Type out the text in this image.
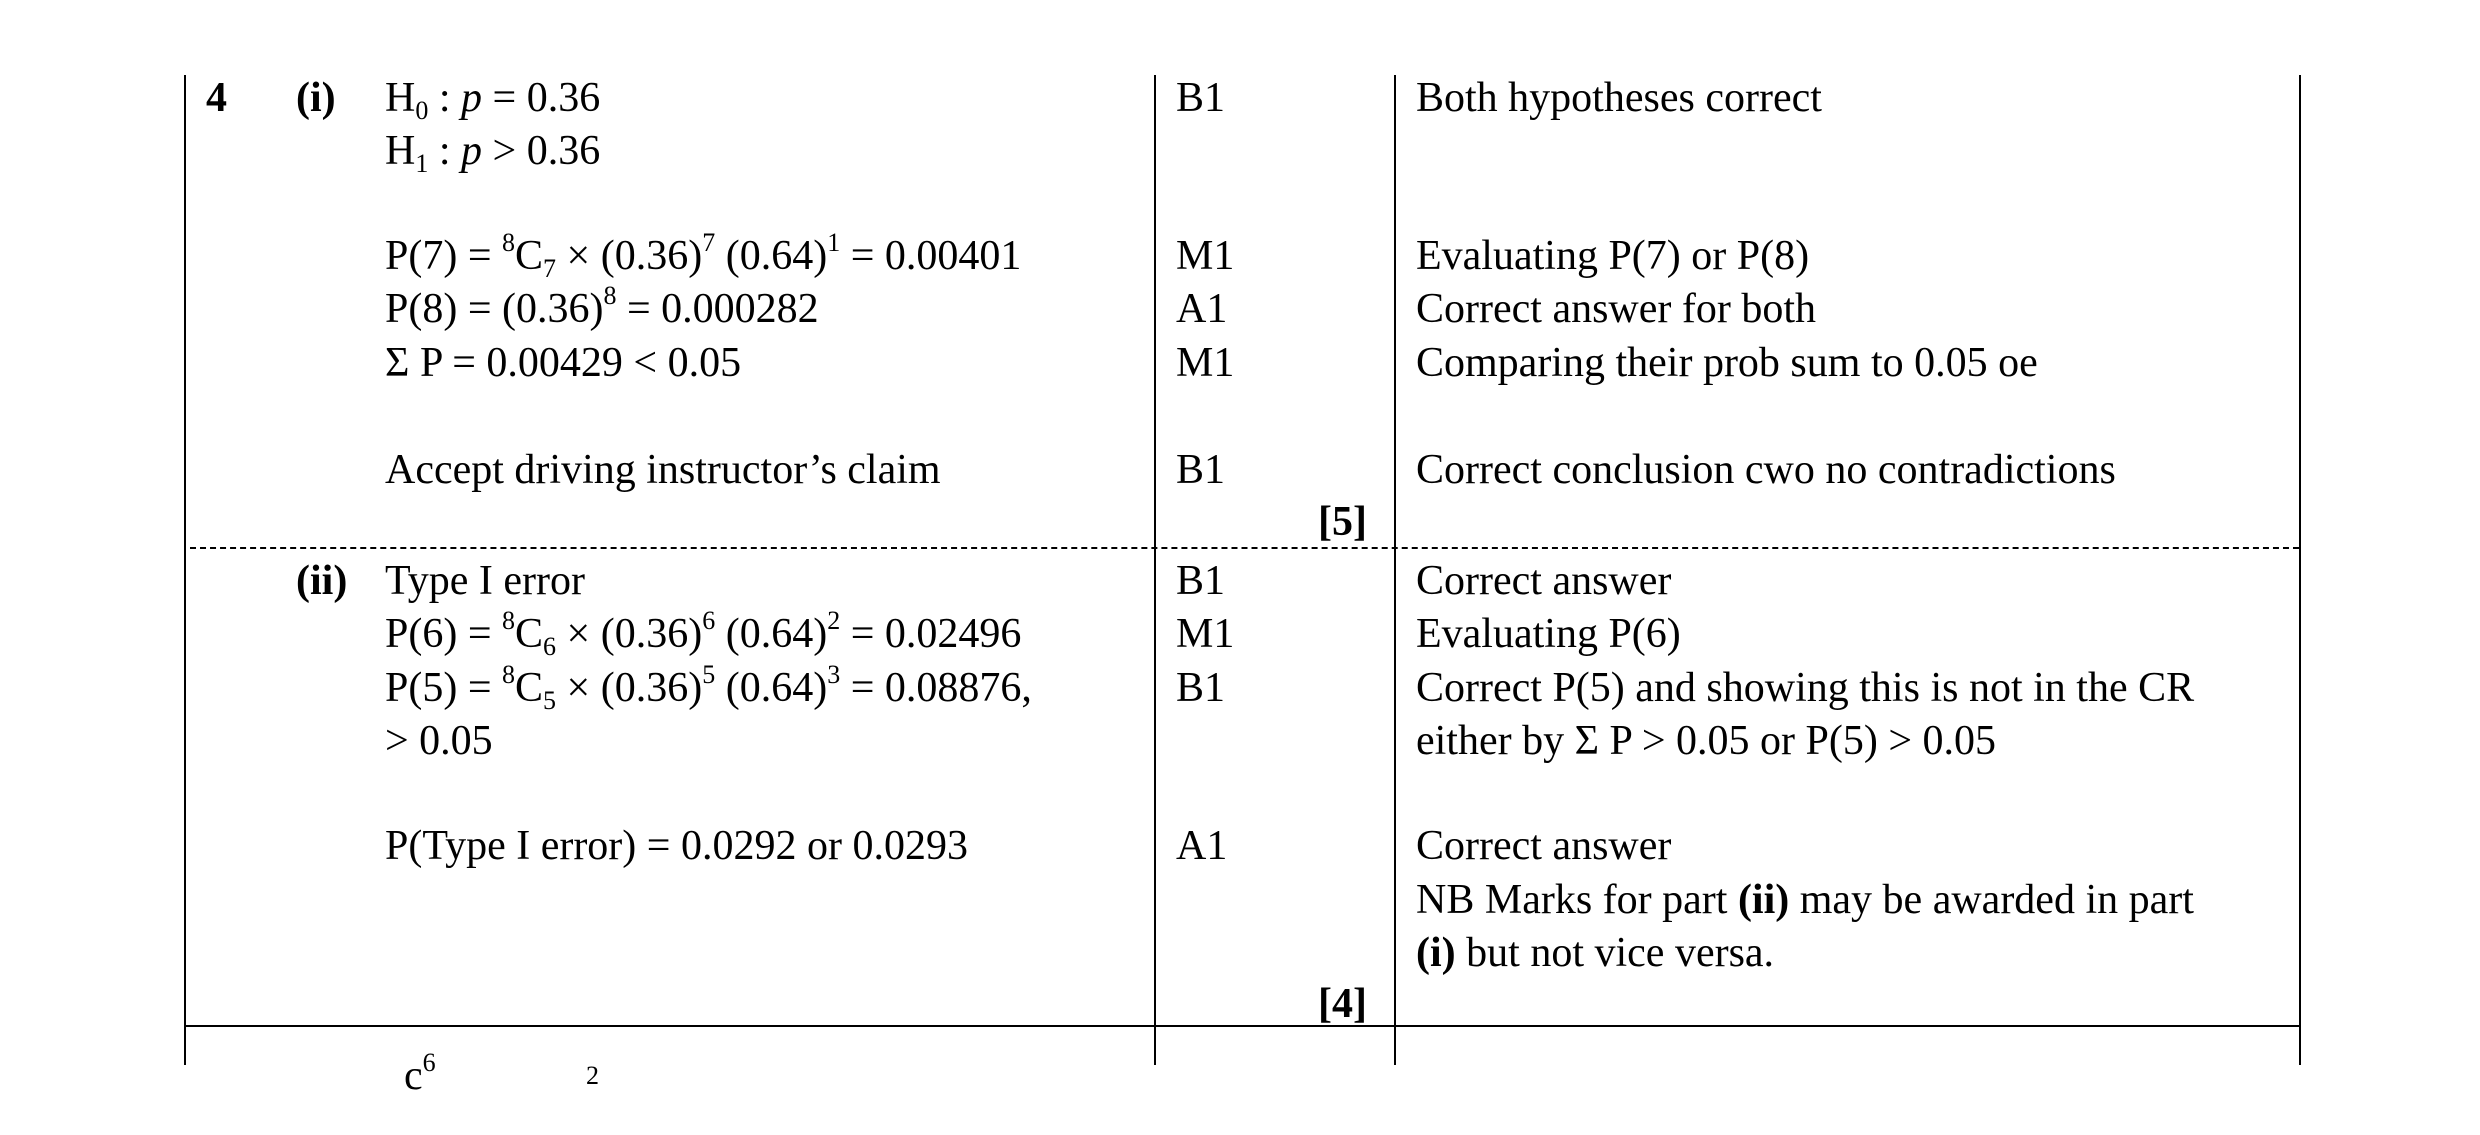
4 (i) $H_0$ : p = 0.36
$H_1$ : p > 0.36
$P(7) = ^8C_7 \times (0.36)^7$ $(0.64)^1 = 0.00401$
$P(8) = (0.36)^8 = 0.000282$
Σ P = 0.00429 < 0.05
Accept driving instructor’s claim
B1
M1
A1
M1
B1
[5]
Both hypotheses correct
Evaluating P(7) or P(8)
Correct answer for both
Comparing their prob sum to 0.05 oe
Correct conclusion cwo no contradictions
(ii) Type I error
$P(6) = ^8C_6 \times (0.36)^6$ $(0.64)^2 = 0.02496$
$P(5) = ^8C_5 \times (0.36)^5$ $(0.64)^3 = 0.08876$,
> 0.05
P(Type I error) = 0.0292 or 0.0293
B1
M1
B1
A1
[4]
Correct answer
Evaluating P(6)
Correct P(5) and showing this is not in the CR
either by Σ P > 0.05 or P(5) > 0.05
Correct answer
NB Marks for part (ii) may be awarded in part
(i) but not vice versa.
$c^6$	2
